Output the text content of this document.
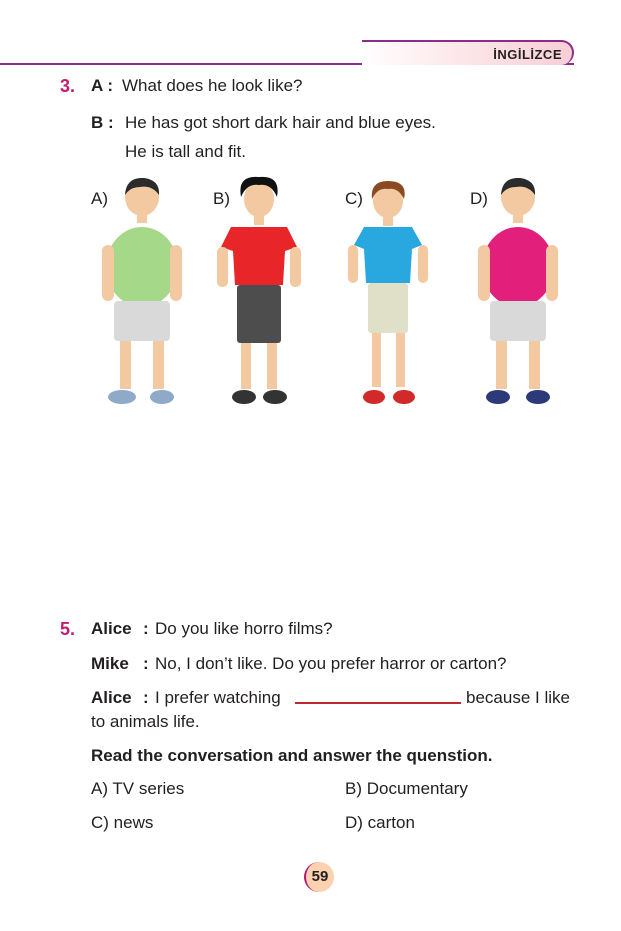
İNGİLİZCE
3. A : What does he look like?
B : He has got short dark hair and blue eyes.
He is tall and fit.
A)	B)	C)	D)
5. Alice : Do you like horro films?
Mike : No, I don’t like. Do you prefer harror or carton?
Alice : I prefer watching	because I like
to animals life.
Read the conversation and answer the quenstion.
A) TV series	B) Documentary
C) news	D) carton
59
